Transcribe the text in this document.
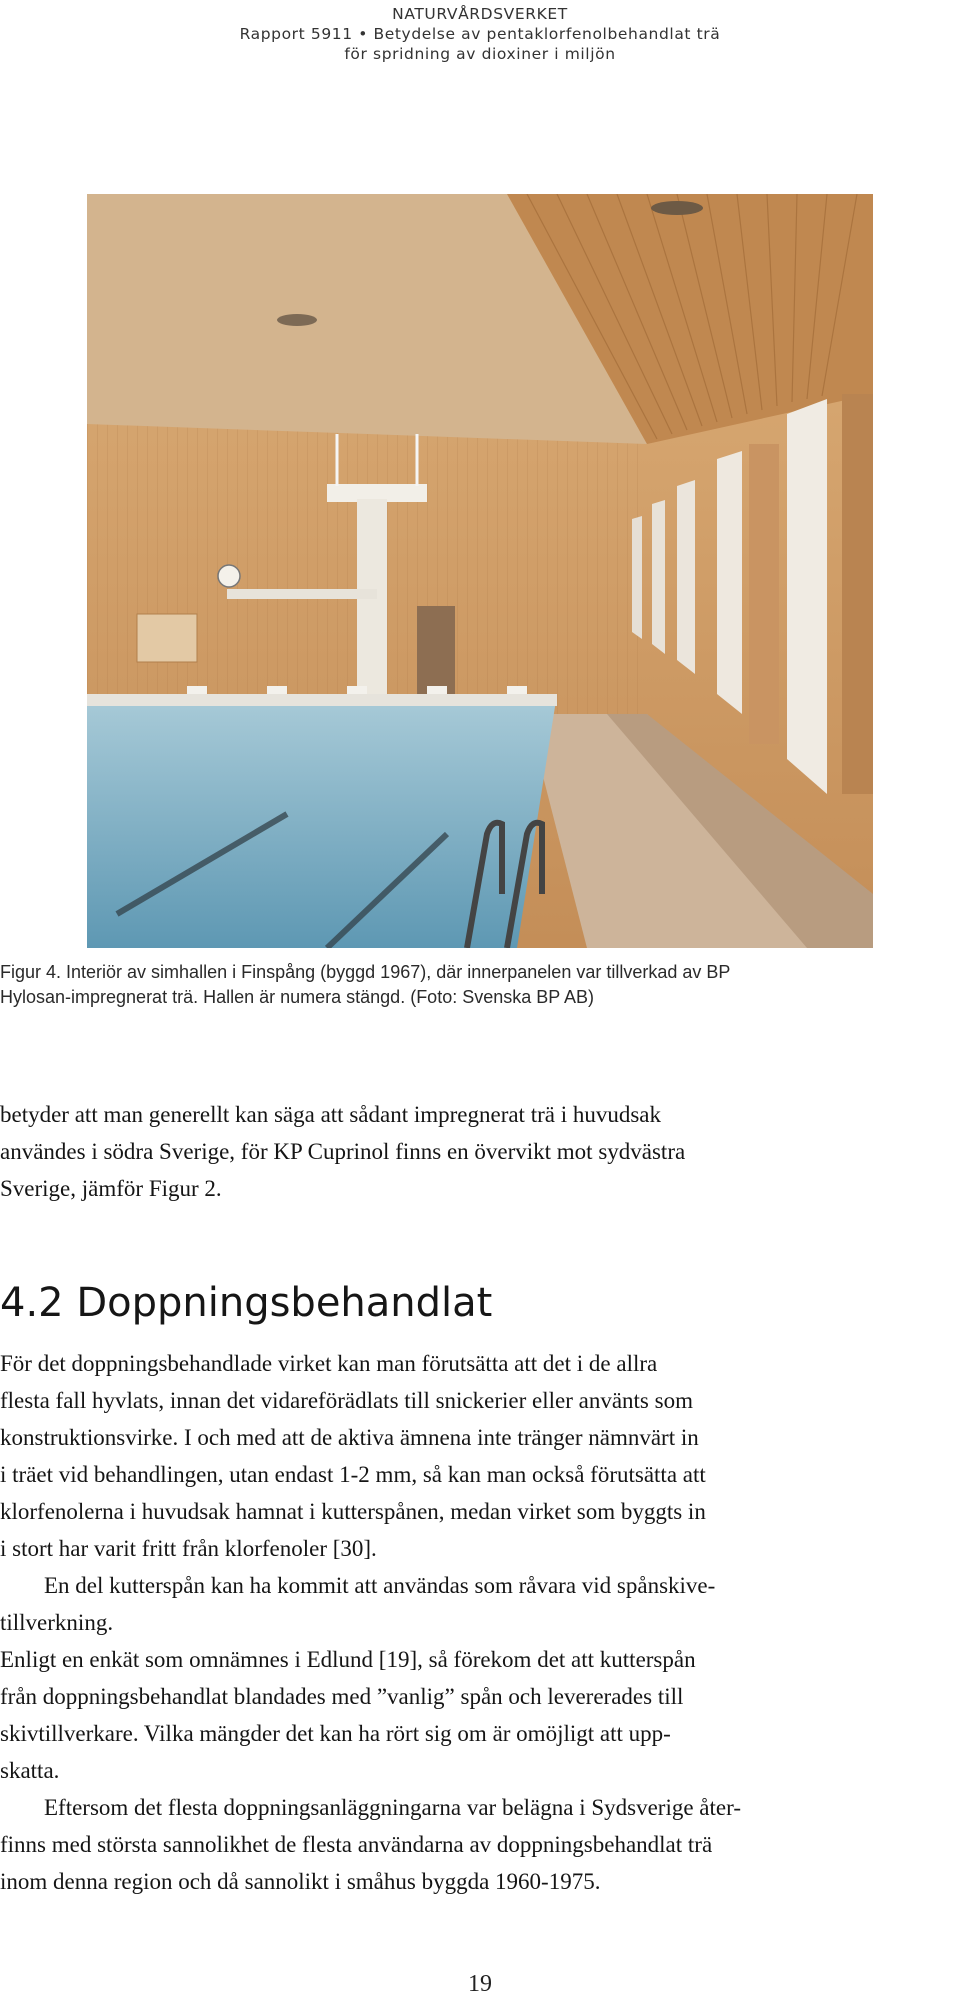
NATURVÅRDSVERKET
Rapport 5911 • Betydelse av pentaklorfenolbehandlat trä
för spridning av dioxiner i miljön
Figur 4. Interiör av simhallen i Finspång (byggd 1967), där innerpanelen var tillverkad av BP
Hylosan-impregnerat trä. Hallen är numera stängd. (Foto: Svenska BP AB)
betyder att man generellt kan säga att sådant impregnerat trä i huvudsak
användes i södra Sverige, för KP Cuprinol finns en övervikt mot sydvästra
Sverige, jämför Figur 2.
4.2 Doppningsbehandlat
För det doppningsbehandlade virket kan man förutsätta att det i de allra
flesta fall hyvlats, innan det vidareförädlats till snickerier eller använts som
konstruktionsvirke. I och med att de aktiva ämnena inte tränger nämnvärt in
i träet vid behandlingen, utan endast 1-2 mm, så kan man också förutsätta att
klorfenolerna i huvudsak hamnat i kutterspånen, medan virket som byggts in
i stort har varit fritt från klorfenoler [30].
En del kutterspån kan ha kommit att användas som råvara vid spånskive-
tillverkning.
Enligt en enkät som omnämnes i Edlund [19], så förekom det att kutterspån
från doppningsbehandlat blandades med ”vanlig” spån och levererades till
skivtillverkare. Vilka mängder det kan ha rört sig om är omöjligt att upp-
skatta.
Eftersom det flesta doppningsanläggningarna var belägna i Sydsverige åter-
finns med största sannolikhet de flesta användarna av doppningsbehandlat trä
inom denna region och då sannolikt i småhus byggda 1960-1975.
19
